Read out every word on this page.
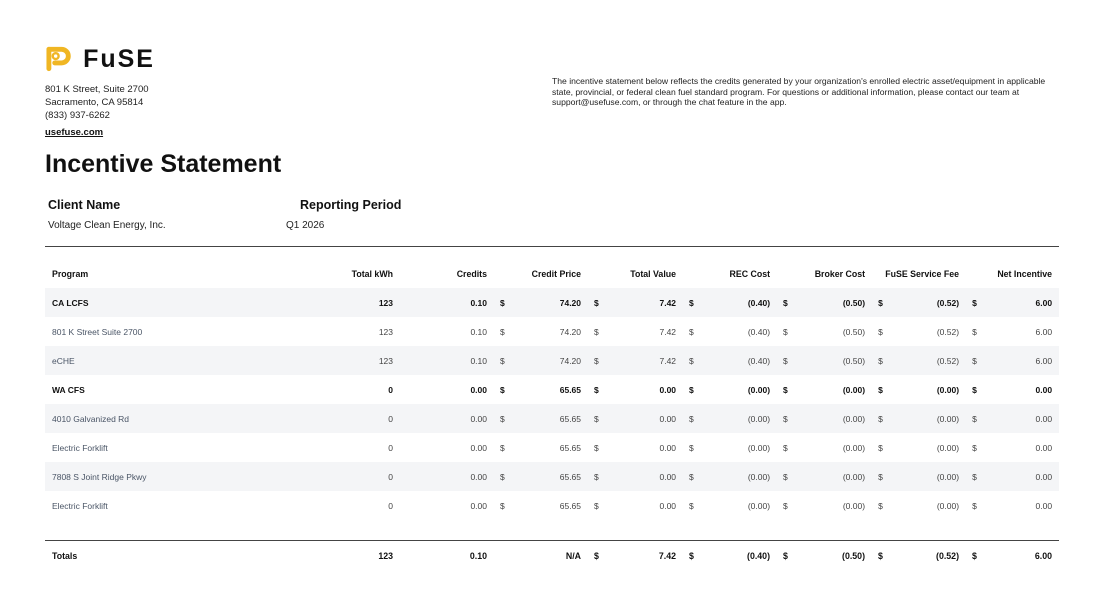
FuSE
801 K Street, Suite 2700
Sacramento, CA 95814
(833) 937-6262
usefuse.com
The incentive statement below reflects the credits generated by your organization's enrolled electric asset/equipment in applicable state, provincial, or federal clean fuel standard program. For questions or additional information, please contact our team at support@usefuse.com, or through the chat feature in the app.
Incentive Statement
Client Name
Voltage Clean Energy, Inc.
Reporting Period
Q1 2026
Program	Total kWh	Credits	Credit Price		Total Value		REC Cost		Broker Cost		FuSE Service Fee		Net Incentive	
CA LCFS	123	0.10	$	74.20	$	7.42	$	(0.40)	$	(0.50)	$	(0.52)	$	6.00
801 K Street Suite 2700	123	0.10	$	74.20	$	7.42	$	(0.40)	$	(0.50)	$	(0.52)	$	6.00
eCHE	123	0.10	$	74.20	$	7.42	$	(0.40)	$	(0.50)	$	(0.52)	$	6.00
WA CFS	0	0.00	$	65.65	$	0.00	$	(0.00)	$	(0.00)	$	(0.00)	$	0.00
4010 Galvanized Rd	0	0.00	$	65.65	$	0.00	$	(0.00)	$	(0.00)	$	(0.00)	$	0.00
Electric Forklift	0	0.00	$	65.65	$	0.00	$	(0.00)	$	(0.00)	$	(0.00)	$	0.00
7808 S Joint Ridge Pkwy	0	0.00	$	65.65	$	0.00	$	(0.00)	$	(0.00)	$	(0.00)	$	0.00
Electric Forklift	0	0.00	$	65.65	$	0.00	$	(0.00)	$	(0.00)	$	(0.00)	$	0.00
Totals	123	0.10	N/A	$	7.42	$	(0.40)	$	(0.50)	$	(0.52)	$	6.00
